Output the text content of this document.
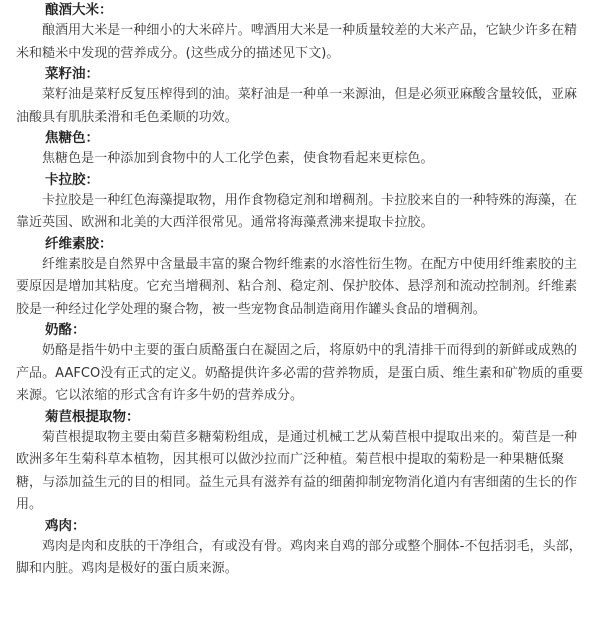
酿酒大米：

酿酒用大米是一种细小的大米碎片。啤酒用大米是一种质量较差的大米产品，它缺少许多在精米和糙米中发现的营养成分。(这些成分的描述见下文)。

菜籽油：

菜籽油是菜籽反复压榨得到的油。菜籽油是一种单一来源油，但是必须亚麻酸含量较低，亚麻油酸具有肌肤柔滑和毛色柔顺的功效。

焦糖色：

焦糖色是一种添加到食物中的人工化学色素，使食物看起来更棕色。

卡拉胶：

卡拉胶是一种红色海藻提取物，用作食物稳定剂和增稠剂。卡拉胶来自的一种特殊的海藻，在靠近英国、欧洲和北美的大西洋很常见。通常将海藻煮沸来提取卡拉胶。

纤维素胶：

纤维素胶是自然界中含量最丰富的聚合物纤维素的水溶性衍生物。在配方中使用纤维素胶的主要原因是增加其粘度。它充当增稠剂、粘合剂、稳定剂、保护胶体、悬浮剂和流动控制剂。纤维素胶是一种经过化学处理的聚合物，被一些宠物食品制造商用作罐头食品的增稠剂。

奶酪：

奶酪是指牛奶中主要的蛋白质酪蛋白在凝固之后，将原奶中的乳清排干而得到的新鲜或成熟的产品。AAFCO没有正式的定义。奶酪提供许多必需的营养物质，是蛋白质、维生素和矿物质的重要来源。它以浓缩的形式含有许多牛奶的营养成分。

菊苣根提取物：

菊苣根提取物主要由菊苣多糖菊粉组成，是通过机械工艺从菊苣根中提取出来的。菊苣是一种欧洲多年生菊科草本植物，因其根可以做沙拉而广泛种植。菊苣根中提取的菊粉是一种果糖低聚糖，与添加益生元的目的相同。益生元具有滋养有益的细菌抑制宠物消化道内有害细菌的生长的作用。

鸡肉：

鸡肉是肉和皮肤的干净组合，有或没有骨。鸡肉来自鸡的部分或整个胴体-不包括羽毛，头部，脚和内脏。鸡肉是极好的蛋白质来源。
